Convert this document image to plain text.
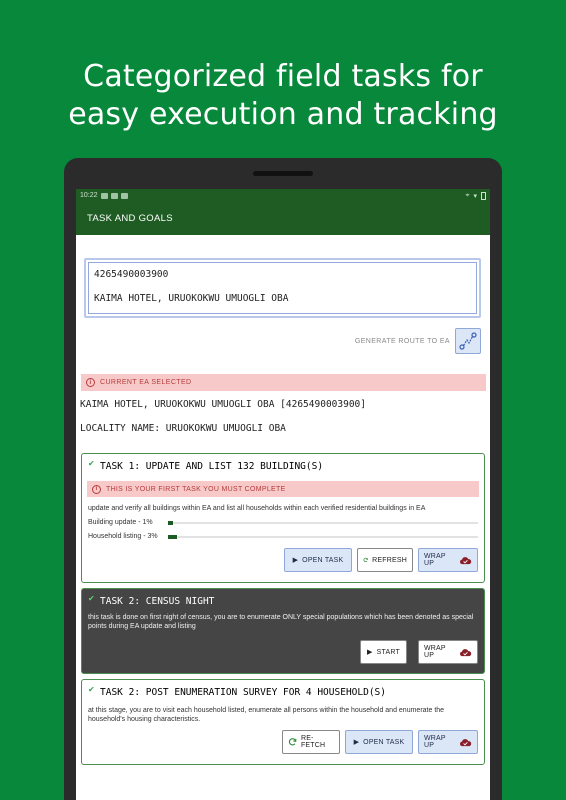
Categorized field tasks for
easy execution and tracking
10:22	⌖ ▾
TASK AND GOALS
4265490003900
KAIMA HOTEL, URUOKOKWU UMUOGLI OBA
GENERATE ROUTE TO EA
i	CURRENT EA SELECTED
KAIMA HOTEL, URUOKOKWU UMUOGLI OBA [4265490003900]
LOCALITY NAME: URUOKOKWU UMUOGLI OBA
✔ TASK 1: UPDATE AND LIST 132 BUILDING(S)
i	THIS IS YOUR FIRST TASK YOU MUST COMPLETE
update and verify all buildings within EA and list all households within each verified residential buildings in EA
Building update - 1%
Household listing - 3%
▶ OPEN TASK	REFRESH WRAP UP
✔ TASK 2: CENSUS NIGHT
this task is done on first night of census, you are to enumerate ONLY special populations which has been denoted as special points during EA update and listing
▶ START	WRAP UP
✔ TASK 2: POST ENUMERATION SURVEY FOR 4 HOUSEHOLD(S)
at this stage, you are to visit each household listed, enumerate all persons within the household and enumerate the household's housing characteristics.
RE-FETCH	▶ OPEN TASK	WRAP UP
